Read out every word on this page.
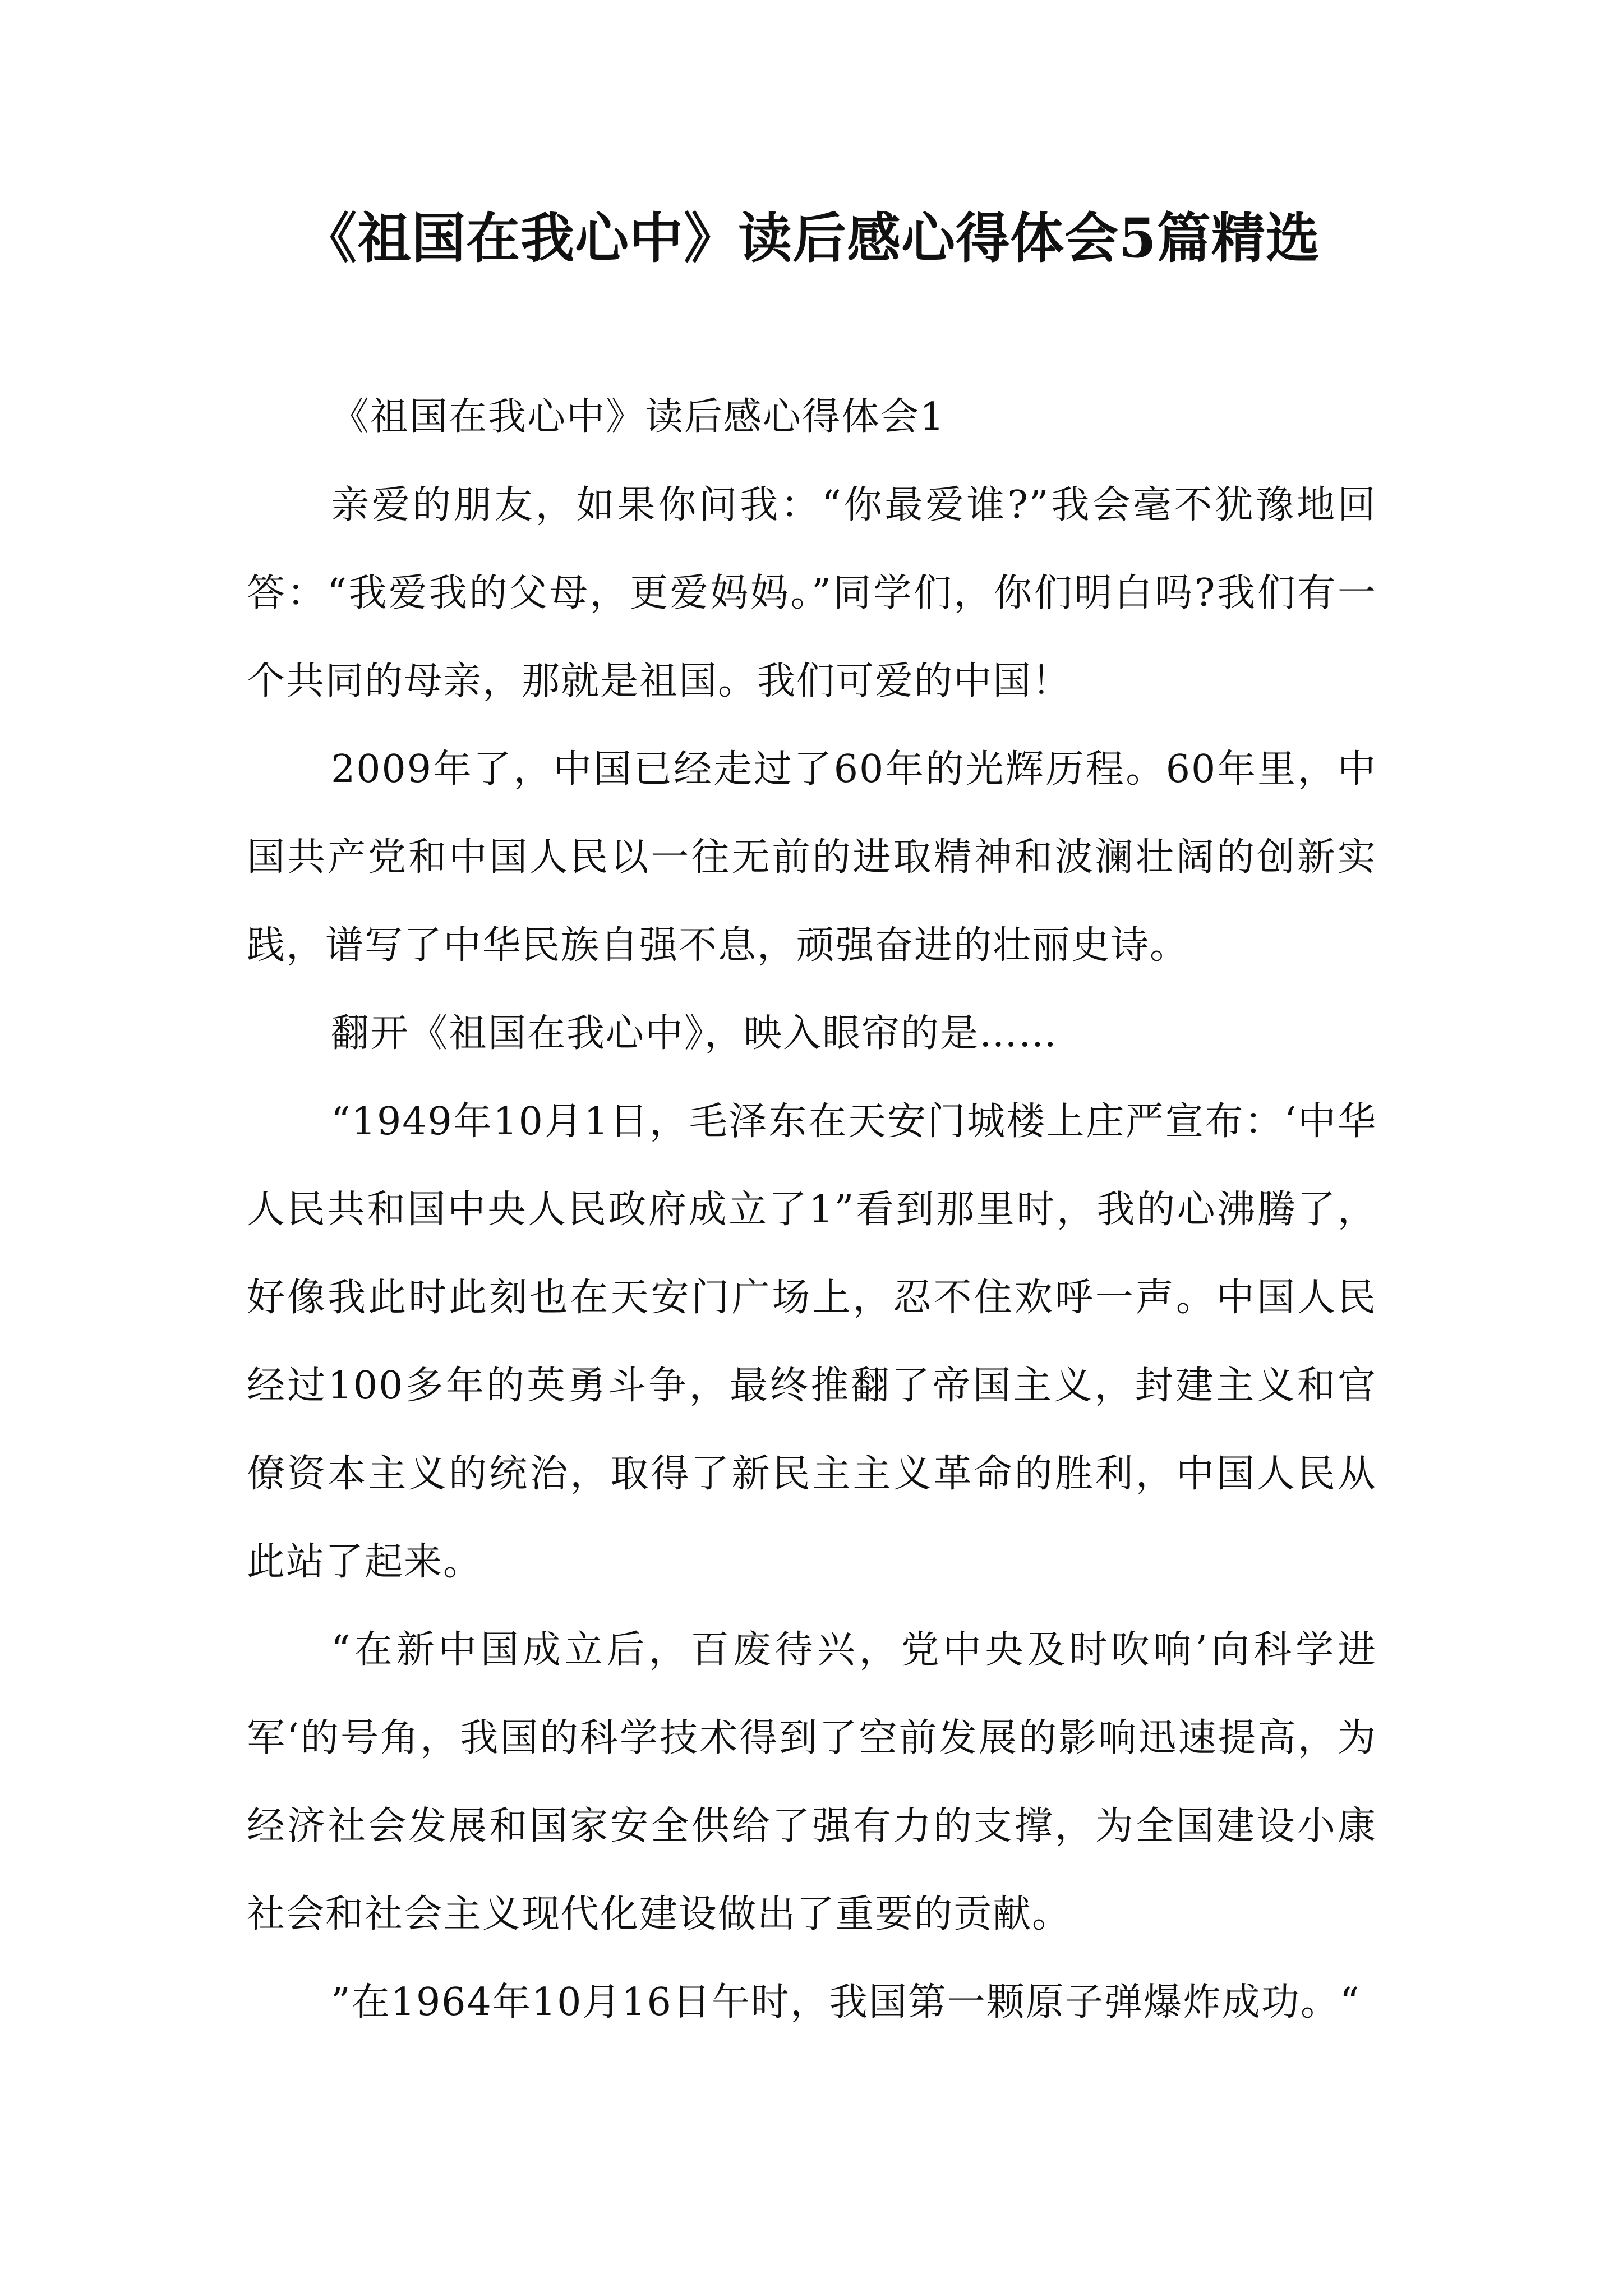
《祖国在我心中》读后感心得体会5篇精选

《祖国在我心中》读后感心得体会1

亲爱的朋友，如果你问我：“你最爱谁?”我会毫不犹豫地回答：“我爱我的父母，更爱妈妈。”同学们，你们明白吗?我们有一个共同的母亲，那就是祖国。我们可爱的中国！

2009年了，中国已经走过了60年的光辉历程。60年里，中国共产党和中国人民以一往无前的进取精神和波澜壮阔的创新实践，谱写了中华民族自强不息，顽强奋进的壮丽史诗。

翻开《祖国在我心中》，映入眼帘的是……

“1949年10月1日，毛泽东在天安门城楼上庄严宣布：‘中华人民共和国中央人民政府成立了1”看到那里时，我的心沸腾了，好像我此时此刻也在天安门广场上，忍不住欢呼一声。中国人民经过100多年的英勇斗争，最终推翻了帝国主义，封建主义和官僚资本主义的统治，取得了新民主主义革命的胜利，中国人民从此站了起来。

“在新中国成立后，百废待兴，党中央及时吹响’向科学进军‘的号角，我国的科学技术得到了空前发展的影响迅速提高，为经济社会发展和国家安全供给了强有力的支撑，为全国建设小康社会和社会主义现代化建设做出了重要的贡献。

”在1964年10月16日午时，我国第一颗原子弹爆炸成功。“
